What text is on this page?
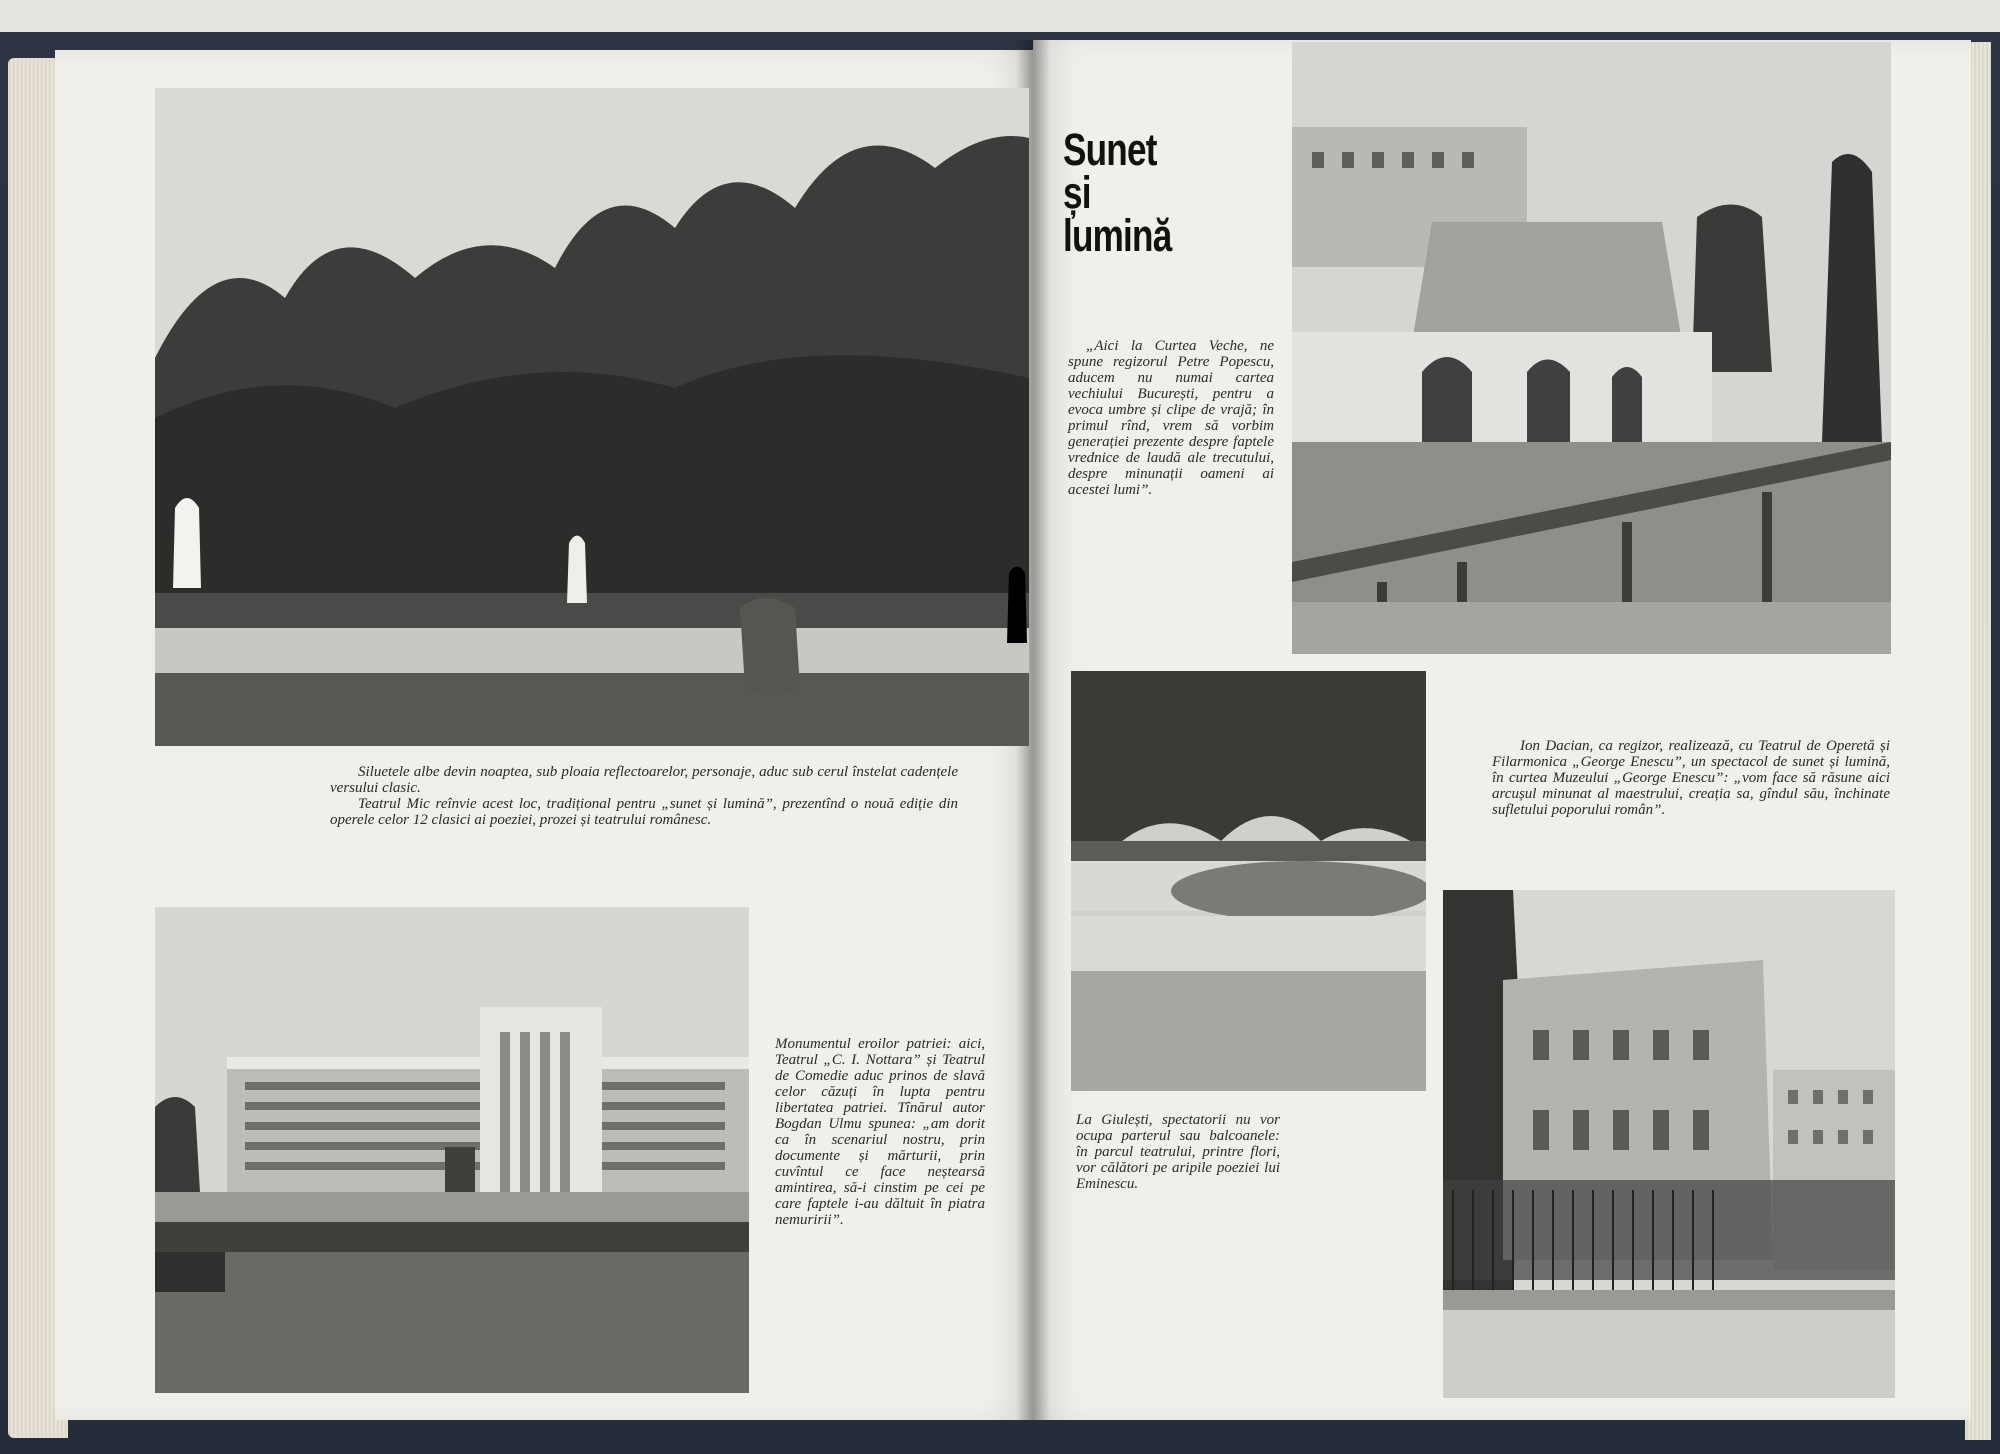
Siluetele albe devin noaptea, sub ploaia reflectoarelor, personaje, aduc sub cerul înstelat cadențele versului clasic.
Teatrul Mic reînvie acest loc, tradițional pentru „sunet și lumină”, prezentînd o nouă ediție din operele celor 12 clasici ai poeziei, prozei și teatrului românesc.

Monumentul eroilor patriei: aici, Teatrul „C. I. Nottara” și Teatrul de Comedie aduc prinos de slavă celor căzuți în lupta pentru libertatea patriei. Tînărul autor Bogdan Ulmu spunea: „am dorit ca în scenariul nostru, prin documente și mărturii, prin cuvîntul ce face neștearsă amintirea, să-i cinstim pe cei pe care faptele i-au dăltuit în piatra nemuririi”.

Sunet
și
lumină

„Aici la Curtea Veche, ne spune regizorul Petre Popescu, aducem nu numai cartea vechiului București, pentru a evoca umbre și clipe de vrajă; în primul rînd, vrem să vorbim generației prezente despre faptele vrednice de laudă ale trecutului, despre minunații oameni ai acestei lumi”.

La Giulești, spectatorii nu vor ocupa parterul sau balcoanele: în parcul teatrului, printre flori, vor călători pe aripile poeziei lui Eminescu.

Ion Dacian, ca regizor, realizează, cu Teatrul de Operetă și Filarmonica „George Enescu”, un spectacol de sunet și lumină, în curtea Muzeului „George Enescu”: „vom face să răsune aici arcușul minunat al maestrului, creația sa, gîndul său, închinate sufletului poporului român”.
